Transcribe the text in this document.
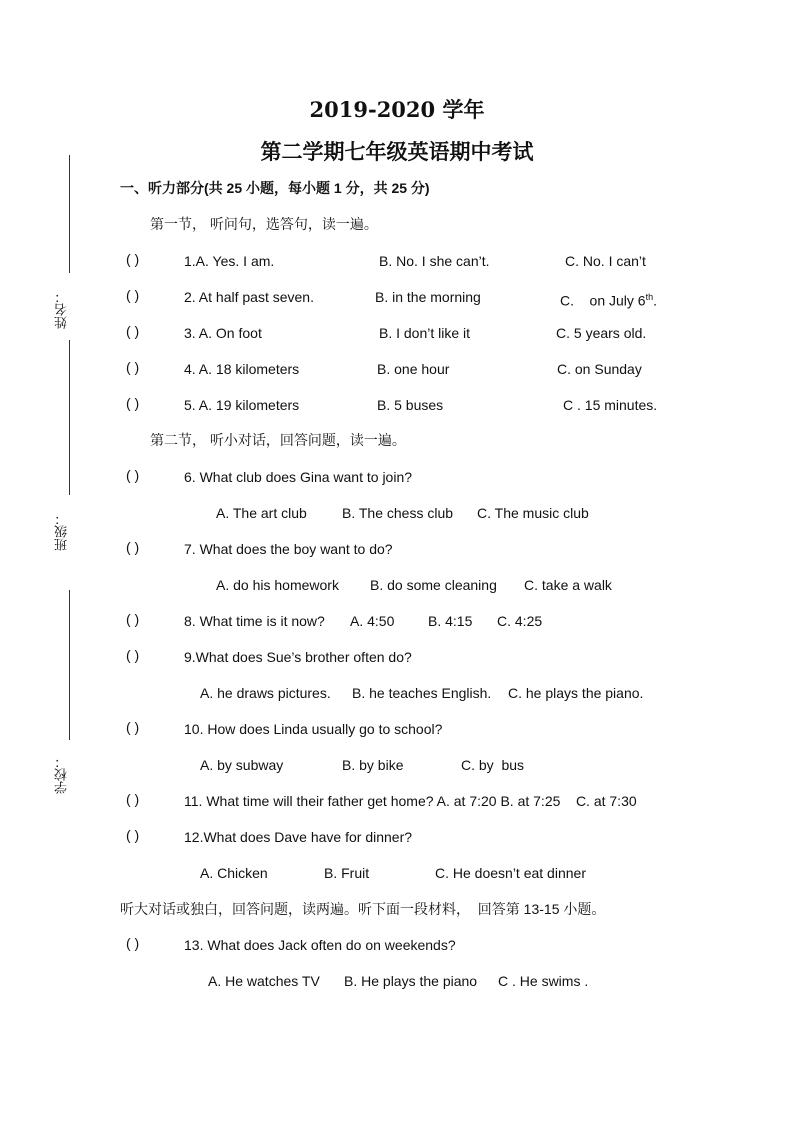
姓名：
班级：
学校：
2019-2020 学年
第二学期七年级英语期中考试
一、听力部分(共 25 小题，每小题 1 分，共 25 分)
第一节， 听问句，选答句，读一遍。
( )	1.A. Yes. I am.	B. No. I she can’t.	C. No. I can’t
( )	2. At half past seven.	B. in the morning	C.    on July 6th.
( )	3. A. On foot	B. I don’t like it	C. 5 years old.
( )	4. A. 18 kilometers	B. one hour	C. on Sunday
( )	5. A. 19 kilometers	B. 5 buses	C . 15 minutes.
第二节， 听小对话，回答问题，读一遍。
( )	6. What club does Gina want to join?
A. The art club	B. The chess club C. The music club
( )	7. What does the boy want to do?
A. do his homework B. do some cleaning C. take a walk
( )	8. What time is it now? A. 4:50 B. 4:15 C. 4:25
( )	9.What does Sue’s brother often do?
A. he draws pictures. B. he teaches English. C. he plays the piano.
( )	10. How does Linda usually go to school?
A. by subway	B. by bike	C. by  bus
( )	11. What time will their father get home? A. at 7:20 B. at 7:25    C. at 7:30
( )	12.What does Dave have for dinner?
A. Chicken	B. Fruit	C. He doesn’t eat dinner
听大对话或独白，回答问题，读两遍。听下面一段材料，  回答第 13-15 小题。
( )	13. What does Jack often do on weekends?
A. He watches TV B. He plays the piano C . He swims .
